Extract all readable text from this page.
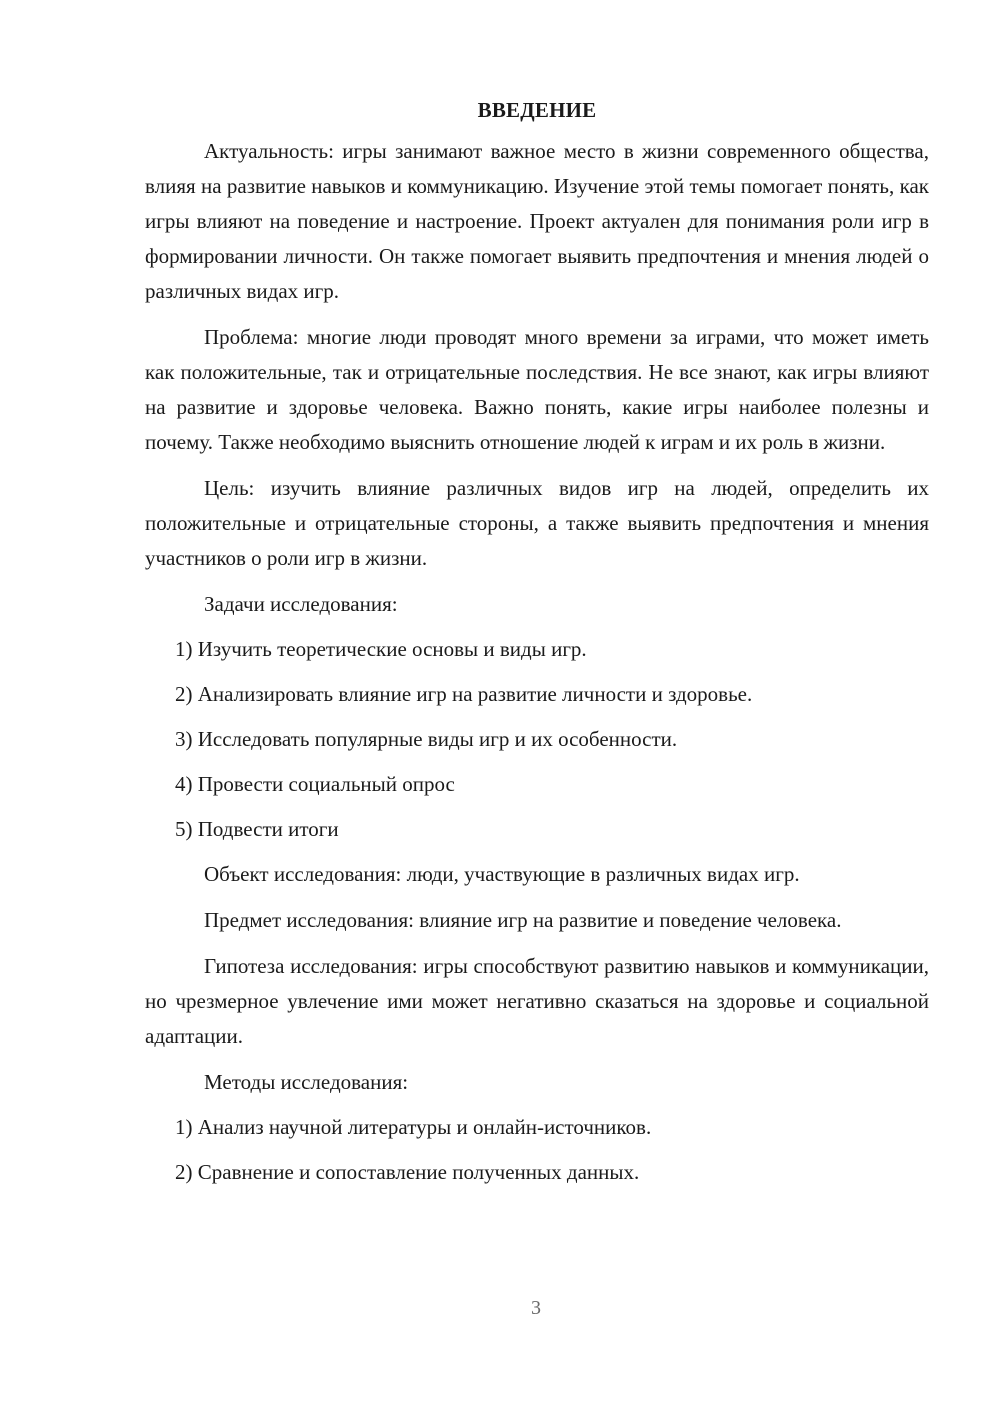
ВВЕДЕНИЕ

Актуальность: игры занимают важное место в жизни современного общества, влияя на развитие навыков и коммуникацию. Изучение этой темы помогает понять, как игры влияют на поведение и настроение. Проект актуален для понимания роли игр в формировании личности. Он также помогает выявить предпочтения и мнения людей о различных видах игр.

Проблема: многие люди проводят много времени за играми, что может иметь как положительные, так и отрицательные последствия. Не все знают, как игры влияют на развитие и здоровье человека. Важно понять, какие игры наиболее полезны и почему. Также необходимо выяснить отношение людей к играм и их роль в жизни.

Цель: изучить влияние различных видов игр на людей, определить их положительные и отрицательные стороны, а также выявить предпочтения и мнения участников о роли игр в жизни.

Задачи исследования:

1) Изучить теоретические основы и виды игр.

2) Анализировать влияние игр на развитие личности и здоровье.

3) Исследовать популярные виды игр и их особенности.

4) Провести социальный опрос

5) Подвести итоги

Объект исследования: люди, участвующие в различных видах игр.

Предмет исследования: влияние игр на развитие и поведение человека.

Гипотеза исследования: игры способствуют развитию навыков и коммуникации, но чрезмерное увлечение ими может негативно сказаться на здоровье и социальной адаптации.

Методы исследования:

1) Анализ научной литературы и онлайн-источников.

2) Сравнение и сопоставление полученных данных.

3
